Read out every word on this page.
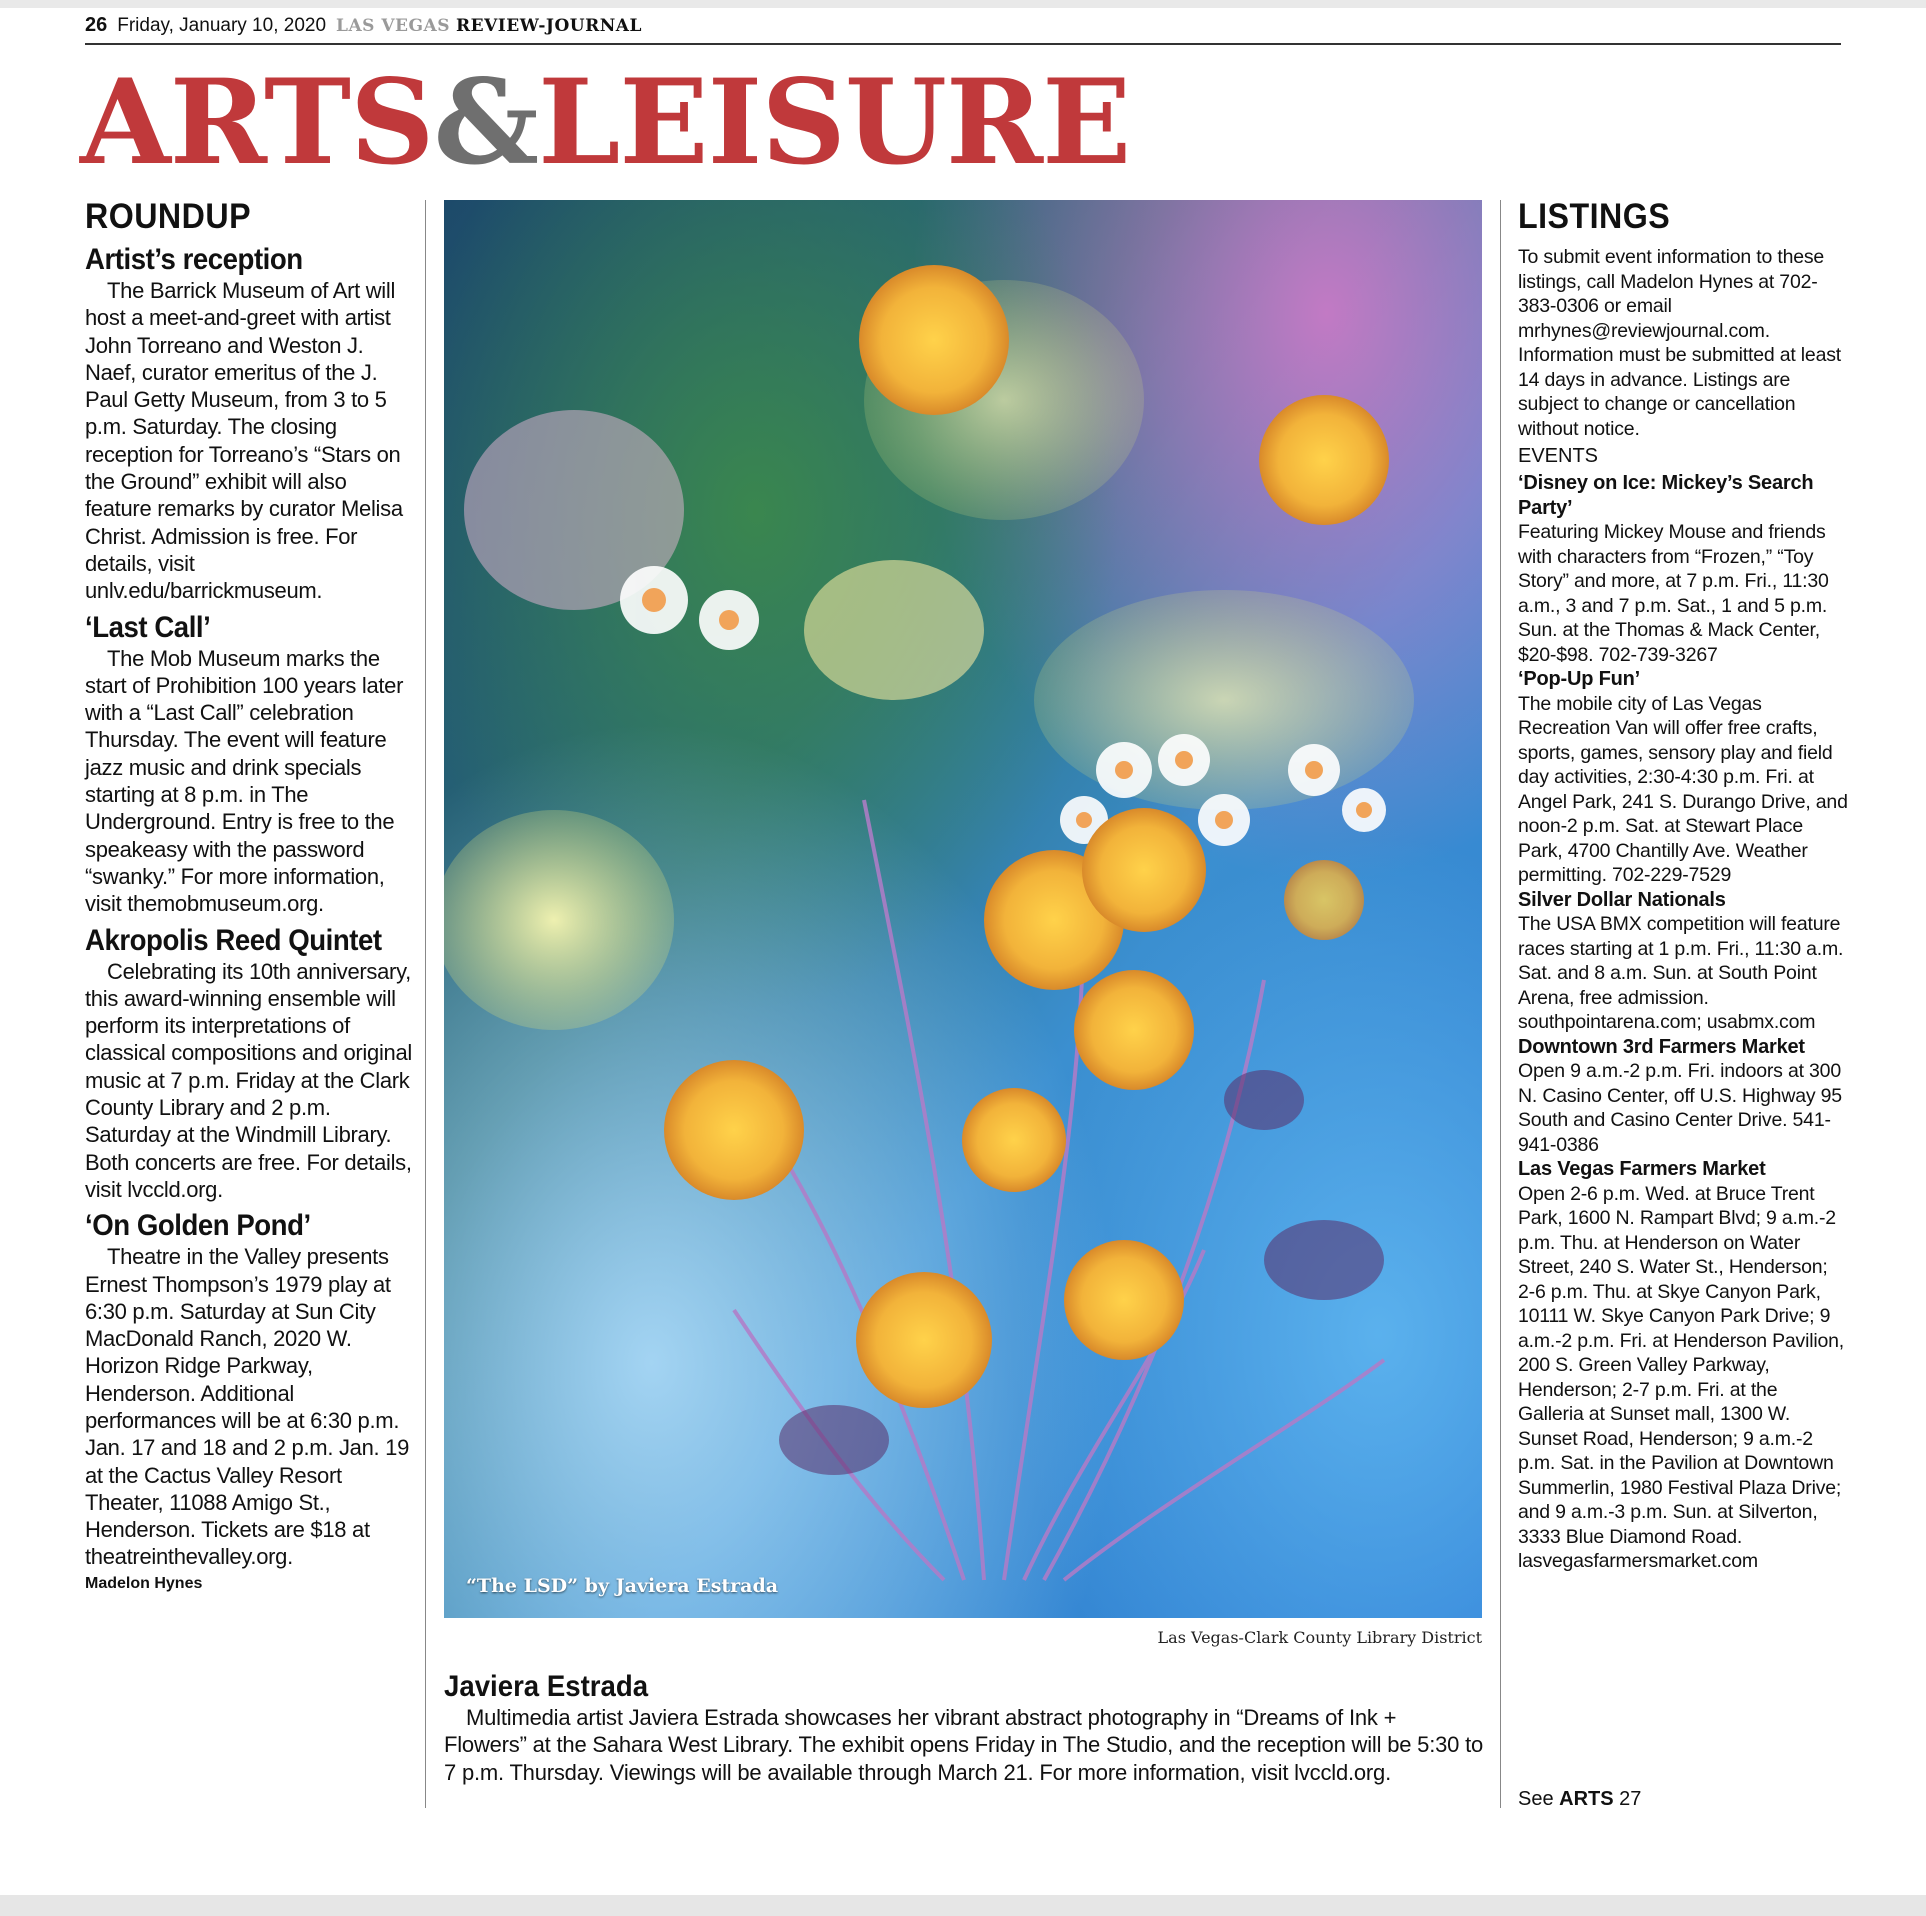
26 Friday, January 10, 2020 LAS VEGAS REVIEW-JOURNAL
ARTS&LEISURE
ROUNDUP
Artist’s reception

The Barrick Museum of Art will host a meet-and-greet with artist John Torreano and Weston J. Naef, curator emeritus of the J. Paul Getty Museum, from 3 to 5 p.m. Saturday. The closing reception for Torreano’s “Stars on the Ground” exhibit will also feature remarks by curator Melisa Christ. Admission is free. For details, visit unlv.edu/barrickmuseum.

‘Last Call’

The Mob Museum marks the start of Prohibition 100 years later with a “Last Call” celebration Thursday. The event will feature jazz music and drink specials starting at 8 p.m. in The Underground. Entry is free to the speakeasy with the password “swanky.” For more information, visit themobmuseum.org.

Akropolis Reed Quintet

Celebrating its 10th anniversary, this award-winning ensemble will perform its interpretations of classical compositions and original music at 7 p.m. Friday at the Clark County Library and 2 p.m. Saturday at the Windmill Library. Both concerts are free. For details, visit lvccld.org.

‘On Golden Pond’

Theatre in the Valley presents Ernest Thompson’s 1979 play at 6:30 p.m. Saturday at Sun City MacDonald Ranch, 2020 W. Horizon Ridge Parkway, Henderson. Additional performances will be at 6:30 p.m. Jan. 17 and 18 and 2 p.m. Jan. 19 at the Cactus Valley Resort Theater, 11088 Amigo St., Henderson. Tickets are $18 at theatreinthevalley.org.

Madelon Hynes	“The LSD” by Javiera Estrada
Las Vegas-Clark County Library District
Javiera Estrada

Multimedia artist Javiera Estrada showcases her vibrant abstract photography in “Dreams of Ink + Flowers” at the Sahara West Library. The exhibit opens Friday in The Studio, and the reception will be 5:30 to 7 p.m. Thursday. Viewings will be available through March 21. For more information, visit lvccld.org.

LISTINGS

To submit event information to these listings, call Madelon Hynes at 702-383-0306 or email mrhynes@reviewjournal.com. Information must be submitted at least 14 days in advance. Listings are subject to change or cancellation without notice.

EVENTS
‘Disney on Ice: Mickey’s Search Party’

Featuring Mickey Mouse and friends with characters from “Frozen,” “Toy Story” and more, at 7 p.m. Fri., 11:30 a.m., 3 and 7 p.m. Sat., 1 and 5 p.m. Sun. at the Thomas & Mack Center, $20-$98. 702-739-3267

‘Pop-Up Fun’

The mobile city of Las Vegas Recreation Van will offer free crafts, sports, games, sensory play and field day activities, 2:30-4:30 p.m. Fri. at Angel Park, 241 S. Durango Drive, and noon-2 p.m. Sat. at Stewart Place Park, 4700 Chantilly Ave. Weather permitting. 702-229-7529

Silver Dollar Nationals

The USA BMX competition will feature races starting at 1 p.m. Fri., 11:30 a.m. Sat. and 8 a.m. Sun. at South Point Arena, free admission. southpointarena.com; usabmx.com

Downtown 3rd Farmers Market

Open 9 a.m.-2 p.m. Fri. indoors at 300 N. Casino Center, off U.S. Highway 95 South and Casino Center Drive. 541-941-0386

Las Vegas Farmers Market

Open 2-6 p.m. Wed. at Bruce Trent Park, 1600 N. Rampart Blvd; 9 a.m.-2 p.m. Thu. at Henderson on Water Street, 240 S. Water St., Henderson; 2-6 p.m. Thu. at Skye Canyon Park, 10111 W. Skye Canyon Park Drive; 9 a.m.-2 p.m. Fri. at Henderson Pavilion, 200 S. Green Valley Parkway, Henderson; 2-7 p.m. Fri. at the Galleria at Sunset mall, 1300 W. Sunset Road, Henderson; 9 a.m.-2 p.m. Sat. in the Pavilion at Downtown Summerlin, 1980 Festival Plaza Drive; and 9 a.m.-3 p.m. Sun. at Silverton, 3333 Blue Diamond Road. lasvegasfarmersmarket.com

See ARTS 27
